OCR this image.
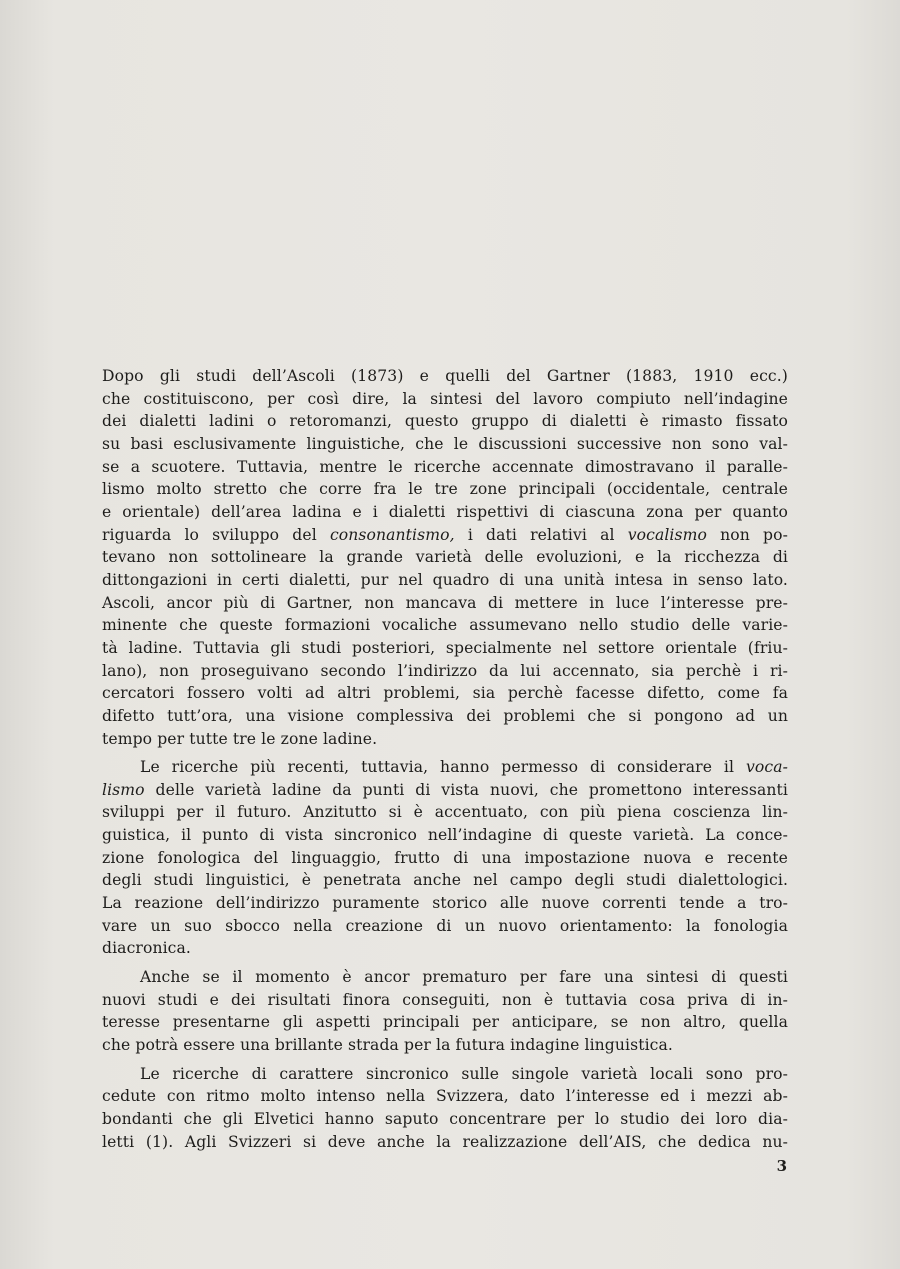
Dopo gli studi dell’Ascoli (1873) e quelli del Gartner (1883, 1910 ecc.)
che costituiscono, per così dire, la sintesi del lavoro compiuto nell’indagine
dei dialetti ladini o retoromanzi, questo gruppo di dialetti è rimasto fissato
su basi esclusivamente linguistiche, che le discussioni successive non sono val-
se a scuotere. Tuttavia, mentre le ricerche accennate dimostravano il paralle-
lismo molto stretto che corre fra le tre zone principali (occidentale, centrale
e orientale) dell’area ladina e i dialetti rispettivi di ciascuna zona per quanto
riguarda lo sviluppo del consonantismo, i dati relativi al vocalismo non po-
tevano non sottolineare la grande varietà delle evoluzioni, e la ricchezza di
dittongazioni in certi dialetti, pur nel quadro di una unità intesa in senso lato.
Ascoli, ancor più di Gartner, non mancava di mettere in luce l’interesse pre-
minente che queste formazioni vocaliche assumevano nello studio delle varie-
tà ladine. Tuttavia gli studi posteriori, specialmente nel settore orientale (friu-
lano), non proseguivano secondo l’indirizzo da lui accennato, sia perchè i ri-
cercatori fossero volti ad altri problemi, sia perchè facesse difetto, come fa
difetto tutt’ora, una visione complessiva dei problemi che si pongono ad un
tempo per tutte tre le zone ladine.
Le ricerche più recenti, tuttavia, hanno permesso di considerare il voca-
lismo delle varietà ladine da punti di vista nuovi, che promettono interessanti
sviluppi per il futuro. Anzitutto si è accentuato, con più piena coscienza lin-
guistica, il punto di vista sincronico nell’indagine di queste varietà. La conce-
zione fonologica del linguaggio, frutto di una impostazione nuova e recente
degli studi linguistici, è penetrata anche nel campo degli studi dialettologici.
La reazione dell’indirizzo puramente storico alle nuove correnti tende a tro-
vare un suo sbocco nella creazione di un nuovo orientamento: la fonologia
diacronica.
Anche se il momento è ancor prematuro per fare una sintesi di questi
nuovi studi e dei risultati finora conseguiti, non è tuttavia cosa priva di in-
teresse presentarne gli aspetti principali per anticipare, se non altro, quella
che potrà essere una brillante strada per la futura indagine linguistica.
Le ricerche di carattere sincronico sulle singole varietà locali sono pro-
cedute con ritmo molto intenso nella Svizzera, dato l’interesse ed i mezzi ab-
bondanti che gli Elvetici hanno saputo concentrare per lo studio dei loro dia-
letti (1). Agli Svizzeri si deve anche la realizzazione dell’AIS, che dedica nu-
3
